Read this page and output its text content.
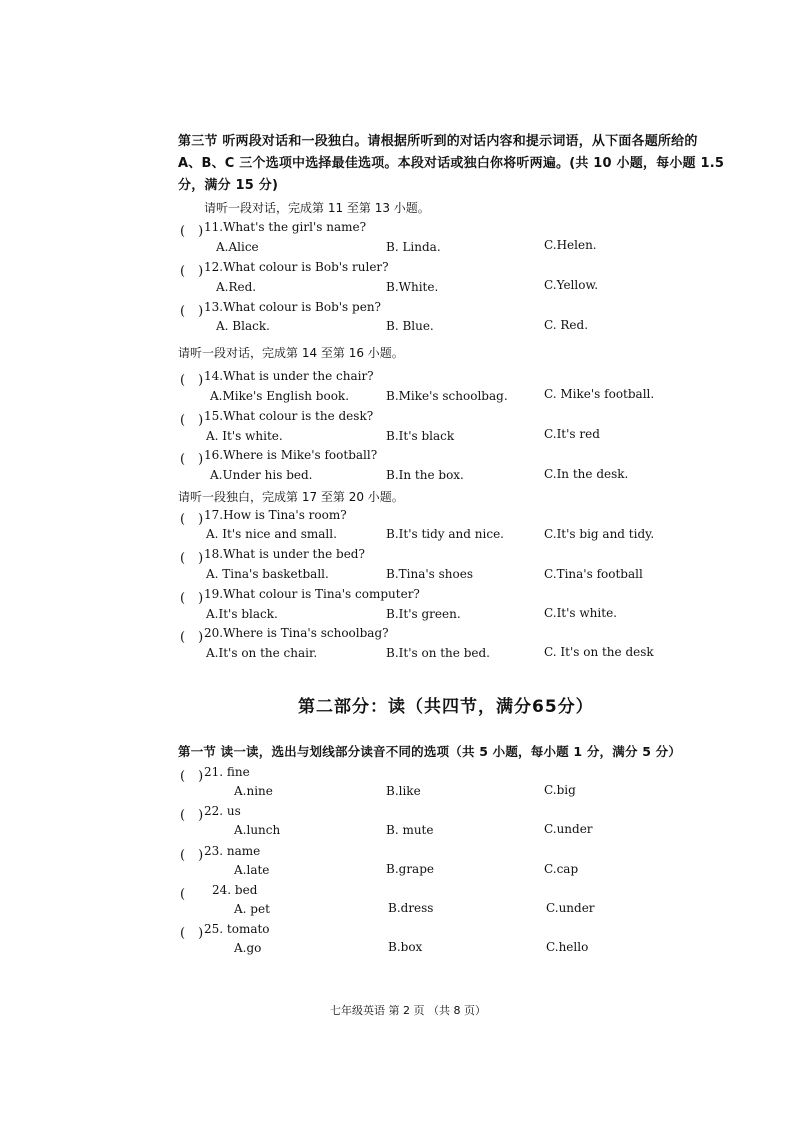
第三节 听两段对话和一段独白。请根据所听到的对话内容和提示词语，从下面各题所给的
A、B、C 三个选项中选择最佳选项。本段对话或独白你将听两遍。(共 10 小题，每小题 1.5
分，满分 15 分)
请听一段对话，完成第 11 至第 13 小题。
(　) 11.What's the girl's name?
A.Alice	B. Linda.	C.Helen.
(　) 12.What colour is Bob's ruler?
A.Red.	B.White.	C.Yellow.
(　) 13.What colour is Bob's pen?
A. Black.	B. Blue.	C. Red.
请听一段对话，完成第 14 至第 16 小题。
(　) 14.What is under the chair?
A.Mike's English book.	B.Mike's schoolbag.	C. Mike's football.
(　) 15.What colour is the desk?
A. It's white.	B.It's black	C.It's red
(　) 16.Where is Mike's football?
A.Under his bed.	B.In the box.	C.In the desk.
请听一段独白，完成第 17 至第 20 小题。
(　) 17.How is Tina's room?
A. It's nice and small.	B.It's tidy and nice.	C.It's big and tidy.
(　) 18.What is under the bed?
A. Tina's basketball.	B.Tina's shoes	C.Tina's football
(　) 19.What colour is Tina's computer?
A.It's black.	B.It's green.	C.It's white.
(　) 20.Where is Tina's schoolbag?
A.It's on the chair.	B.It's on the bed.	C. It's on the desk
第二部分：读（共四节，满分65分）
第一节 读一读，选出与划线部分读音不同的选项（共 5 小题，每小题 1 分，满分 5 分）
(　) 21. fine
A.nine	B.like	C.big
(　) 22. us
A.lunch	B. mute	C.under
(　) 23. name
A.late	B.grape	C.cap
(　 24. bed
A. pet	B.dress	C.under
(　) 25. tomato
A.go	B.box	C.hello
七年级英语 第 2 页 （共 8 页）
